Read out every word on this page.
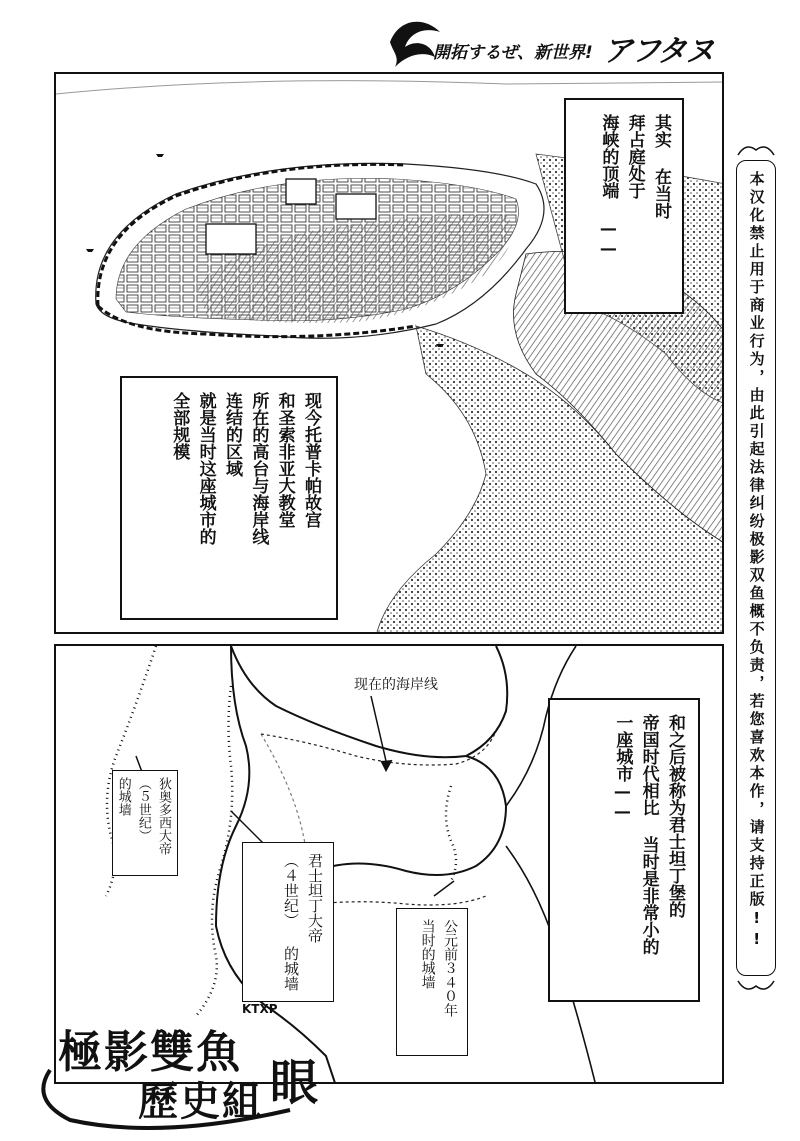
開拓するぜ、新世界! アフタヌ
其实 在当时 拜占庭处于 海峡的顶端 ——
现今托普卡帕故宫 和圣索非亚大教堂 所在的高台与海岸线 连结的区域 就是当时这座城市的 全部规模
现在的海岸线
狄奥多西大帝 （５世纪） 的城墙
君士坦丁大帝 （４世纪） 的城墙	公元前３４０年 当时的城墙
和之后被称为君士坦丁堡的 帝国时代相比 当时是非常小的 一座城市——	本汉化禁止用于商业行为，由此引起法律纠纷极影双鱼概不负责，若您喜欢本作，请支持正版!!
KTXP
極影雙魚
歷史組 眼
